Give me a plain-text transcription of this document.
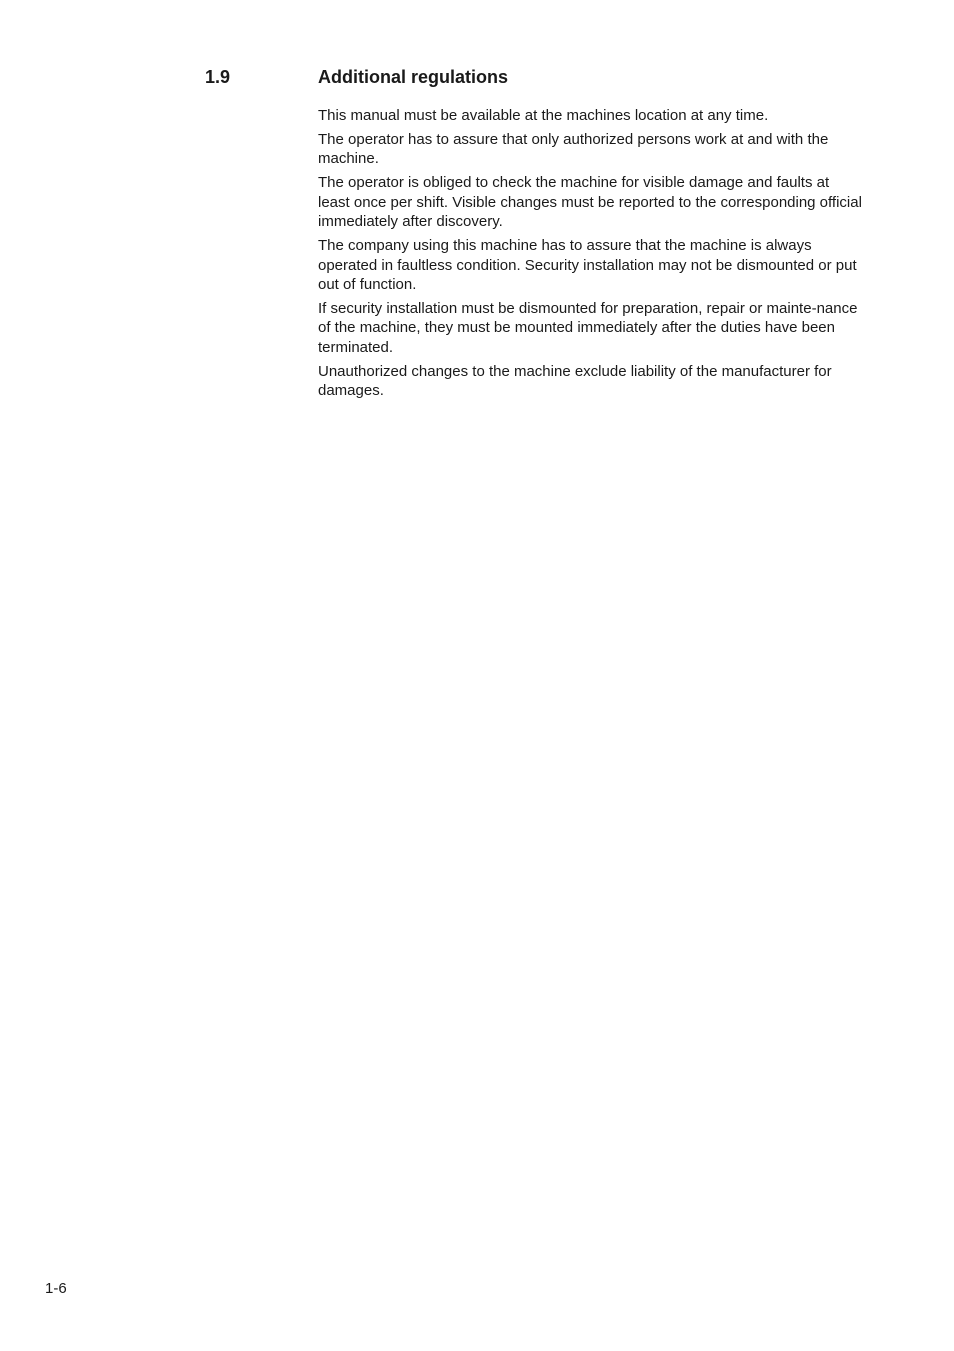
1.9	Additional regulations

This manual must be available at the machines location at any time.

The operator has to assure that only authorized persons work at and with the machine.

The operator is obliged to check the machine for visible damage and faults at least once per shift. Visible changes must be reported to the corresponding official immediately after discovery.

The company using this machine has to assure that the machine is always operated in faultless condition. Security installation may not be dismounted or put out of function.

If security installation must be dismounted for preparation, repair or mainte-nance of the machine, they must be mounted immediately after the duties have been terminated.

Unauthorized changes to the machine exclude liability of the manufacturer for damages.

1-6
